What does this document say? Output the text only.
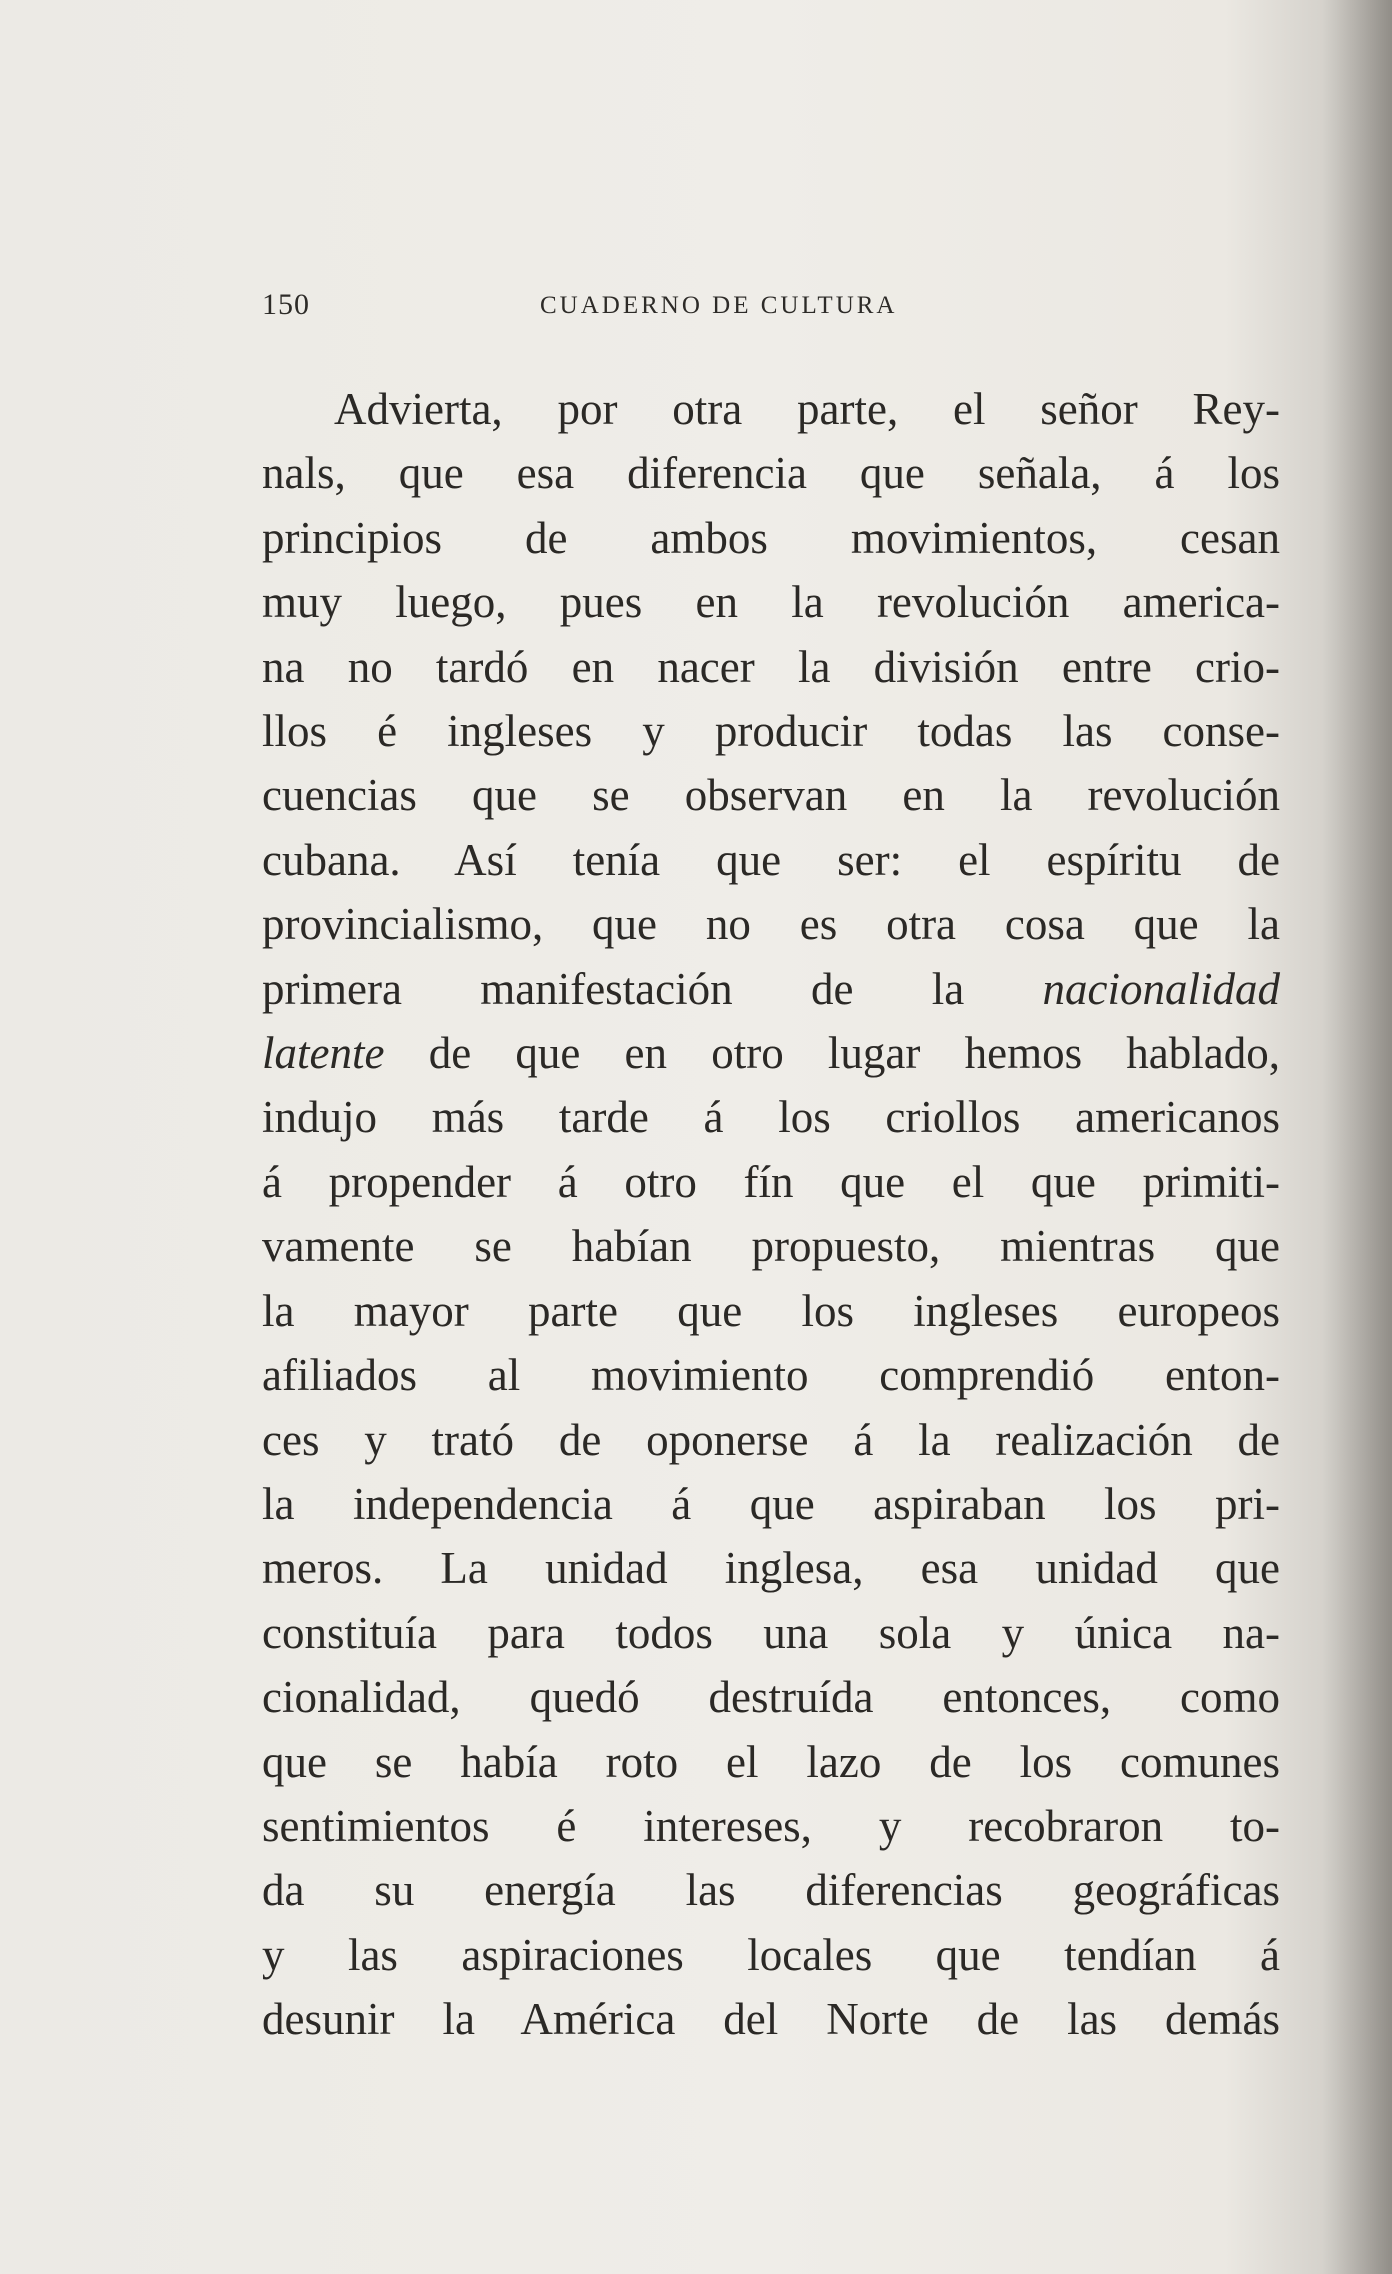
150	CUADERNO DE CULTURA
Advierta, por otra parte, el señor Rey-
nals, que esa diferencia que señala, á los
principios de ambos movimientos, cesan
muy luego, pues en la revolución america-
na no tardó en nacer la división entre crio-
llos é ingleses y producir todas las conse-
cuencias que se observan en la revolución
cubana. Así tenía que ser: el espíritu de
provincialismo, que no es otra cosa que la
primera manifestación de la nacionalidad
latente de que en otro lugar hemos hablado,
indujo más tarde á los criollos americanos
á propender á otro fín que el que primiti-
vamente se habían propuesto, mientras que
la mayor parte que los ingleses europeos
afiliados al movimiento comprendió enton-
ces y trató de oponerse á la realización de
la independencia á que aspiraban los pri-
meros. La unidad inglesa, esa unidad que
constituía para todos una sola y única na-
cionalidad, quedó destruída entonces, como
que se había roto el lazo de los comunes
sentimientos é intereses, y recobraron to-
da su energía las diferencias geográficas
y las aspiraciones locales que tendían á
desunir la América del Norte de las demás
